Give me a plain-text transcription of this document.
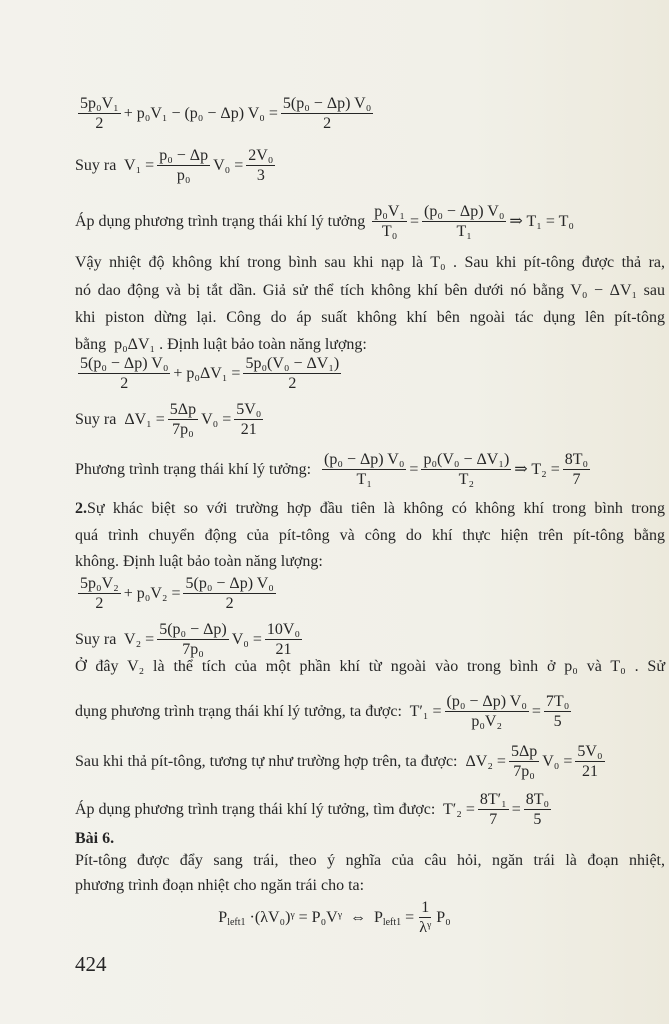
$\frac{\text{5p₀V₁}}{2} + p_0V_1 - (p_0 - \Delta p) V_0 = \frac{\text{5(p₀ − Δp) V₀}}{2}$
Suy ra  $V_1 = \frac{\text{p₀ − Δp}}{\text{p₀}} V_0 = \frac{\text{2V₀}}{3}$
Áp dụng phương trình trạng thái khí lý tưởng $\frac{\text{p₀V₁}}{\text{T₀}} = \frac{\text{(p₀ − Δp) V₀}}{\text{T₁}}$ ⇒ T₁ = T₀
Vậy nhiệt độ không khí trong bình sau khi nạp là T₀ . Sau khi pít-tông được thả ra,
nó dao động và bị tắt dần. Giả sử thể tích không khí bên dưới nó bằng V₀ − ΔV₁ sau
khi piston dừng lại. Công do áp suất không khí bên ngoài tác dụng lên pít-tông
bằng  p₀ΔV₁ . Định luật bảo toàn năng lượng:
$\frac{\text{5(p₀ − Δp) V₀}}{2} + p_0\Delta V_1 = \frac{\text{5p₀(V₀ − ΔV₁)}}{2}$
Suy ra  $\Delta V_1 = \frac{5\Delta p}{\text{7p₀}} V_0 = \frac{\text{5V₀}}{21}$
Phương trình trạng thái khí lý tưởng: $\frac{\text{(p₀ − Δp) V₀}}{\text{T₁}} = \frac{\text{p₀(V₀ − ΔV₁)}}{\text{T₂}}$ ⇒ $T_2 = \frac{\text{8T₀}}{7}$
2. Sự khác biệt so với trường hợp đầu tiên là không có không khí trong bình trong
quá trình chuyển động của pít-tông và công do khí thực hiện trên pít-tông bằng
không. Định luật bảo toàn năng lượng:
$\frac{\text{5p₀V₂}}{2} + p_0V_2 = \frac{\text{5(p₀ − Δp) V₀}}{2}$
Suy ra  $V_2 = \frac{\text{5(p₀ − Δp)}}{\text{7p₀}} V_0 = \frac{\text{10V₀}}{21}$
Ở đây V₂ là thể tích của một phần khí từ ngoài vào trong bình ở p₀ và T₀ . Sử
dụng phương trình trạng thái khí lý tưởng, ta được:  $T'_1 = \frac{\text{(p₀ − Δp) V₀}}{\text{p₀V₂}} = \frac{\text{7T₀}}{5}$
Sau khi thả pít-tông, tương tự như trường hợp trên, ta được:  $\Delta V_2 = \frac{5\Delta p}{\text{7p₀}} V_0 = \frac{\text{5V₀}}{21}$
Áp dụng phương trình trạng thái khí lý tưởng, tìm được:  $T'_2 = \frac{\text{8T′₁}}{7} = \frac{\text{8T₀}}{5}$
Bài 6.
Pít-tông được đẩy sang trái, theo ý nghĩa của câu hỏi, ngăn trái là đoạn nhiệt,
phương trình đoạn nhiệt cho ngăn trái cho ta:
P left1 ·(λV₀)ᵞ = P₀Vᵞ  ⇔  P left1 = $\frac{1}{\text{λᵞ}} P_0$
424
